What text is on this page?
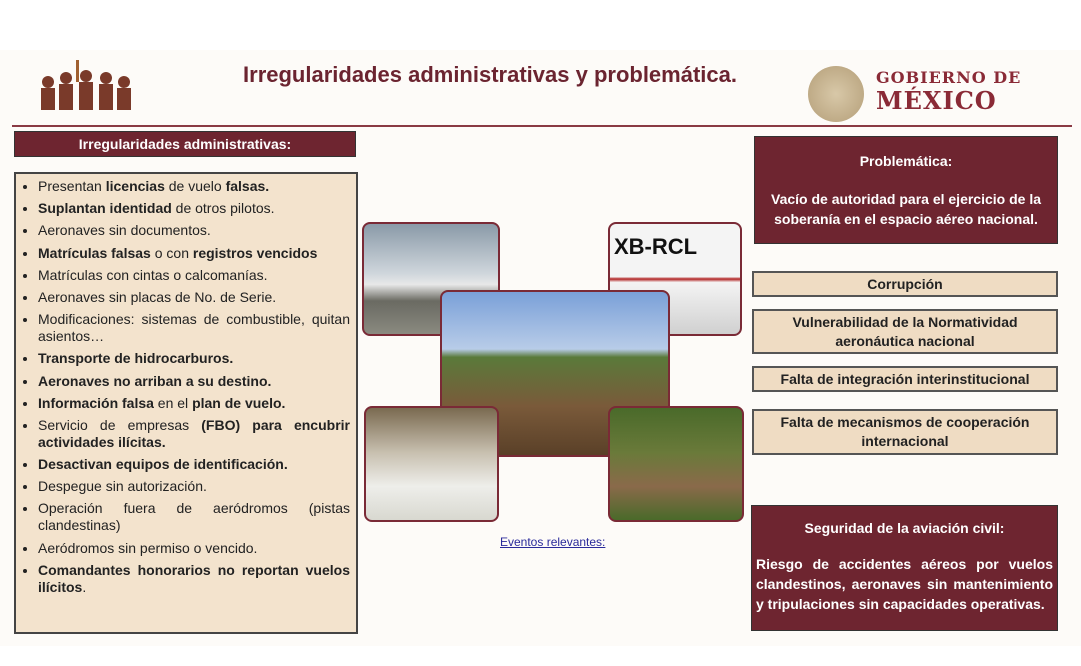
Irregularidades administrativas y problemática.	GOBIERNO DE
MÉXICO
Irregularidades administrativas:
• Presentan licencias de vuelo falsas.
• Suplantan identidad de otros pilotos.
• Aeronaves sin documentos.
• Matrículas falsas o con registros vencidos
• Matrículas con cintas o calcomanías.
• Aeronaves sin placas de No. de Serie.
• Modificaciones: sistemas de combustible, quitan asientos…
• Transporte de hidrocarburos.
• Aeronaves no arriban a su destino.
• Información falsa en el plan de vuelo.
• Servicio de empresas (FBO) para encubrir actividades ilícitas.
• Desactivan equipos de identificación.
• Despegue sin autorización.
• Operación fuera de aeródromos (pistas clandestinas)
• Aeródromos sin permiso o vencido.
• Comandantes honorarios no reportan vuelos ilícitos.
XB-RCL
Eventos relevantes:
Problemática:
Vacío de autoridad para el ejercicio de la soberanía en el espacio aéreo nacional.
Corrupción
Vulnerabilidad de la Normatividad aeronáutica nacional
Falta de integración interinstitucional
Falta de mecanismos de cooperación internacional
Seguridad de la aviación civil:
Riesgo de accidentes aéreos por vuelos clandestinos, aeronaves sin mantenimiento y tripulaciones sin capacidades operativas.
